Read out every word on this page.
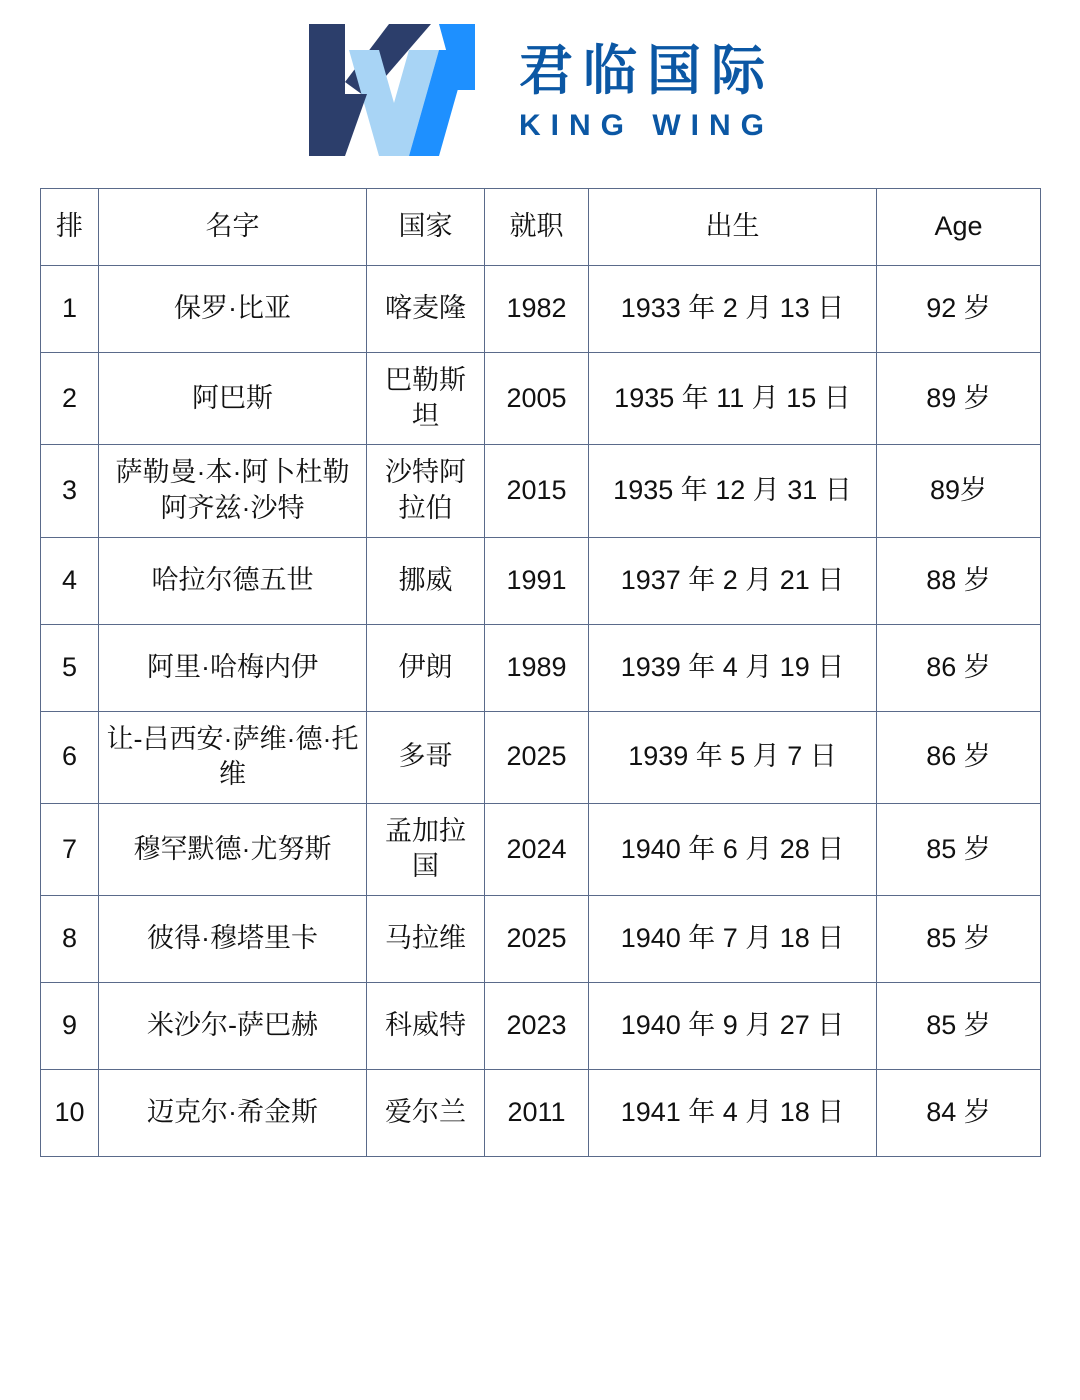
君临国际
KING WING
排	名字	国家	就职	出生	Age
1	保罗·比亚	喀麦隆	1982	1933 年 2 月 13 日	92 岁
2	阿巴斯	巴勒斯坦	2005	1935 年 11 月 15 日	89 岁
3	萨勒曼·本·阿卜杜勒阿齐兹·沙特	沙特阿拉伯	2015	1935 年 12 月 31 日	89岁
4	哈拉尔德五世	挪威	1991	1937 年 2 月 21 日	88 岁
5	阿里·哈梅内伊	伊朗	1989	1939 年 4 月 19 日	86 岁
6	让-吕西安·萨维·德·托维	多哥	2025	1939 年 5 月 7 日	86 岁
7	穆罕默德·尤努斯	孟加拉国	2024	1940 年 6 月 28 日	85 岁
8	彼得·穆塔里卡	马拉维	2025	1940 年 7 月 18 日	85 岁
9	米沙尔-萨巴赫	科威特	2023	1940 年 9 月 27 日	85 岁
10	迈克尔·希金斯	爱尔兰	2011	1941 年 4 月 18 日	84 岁
